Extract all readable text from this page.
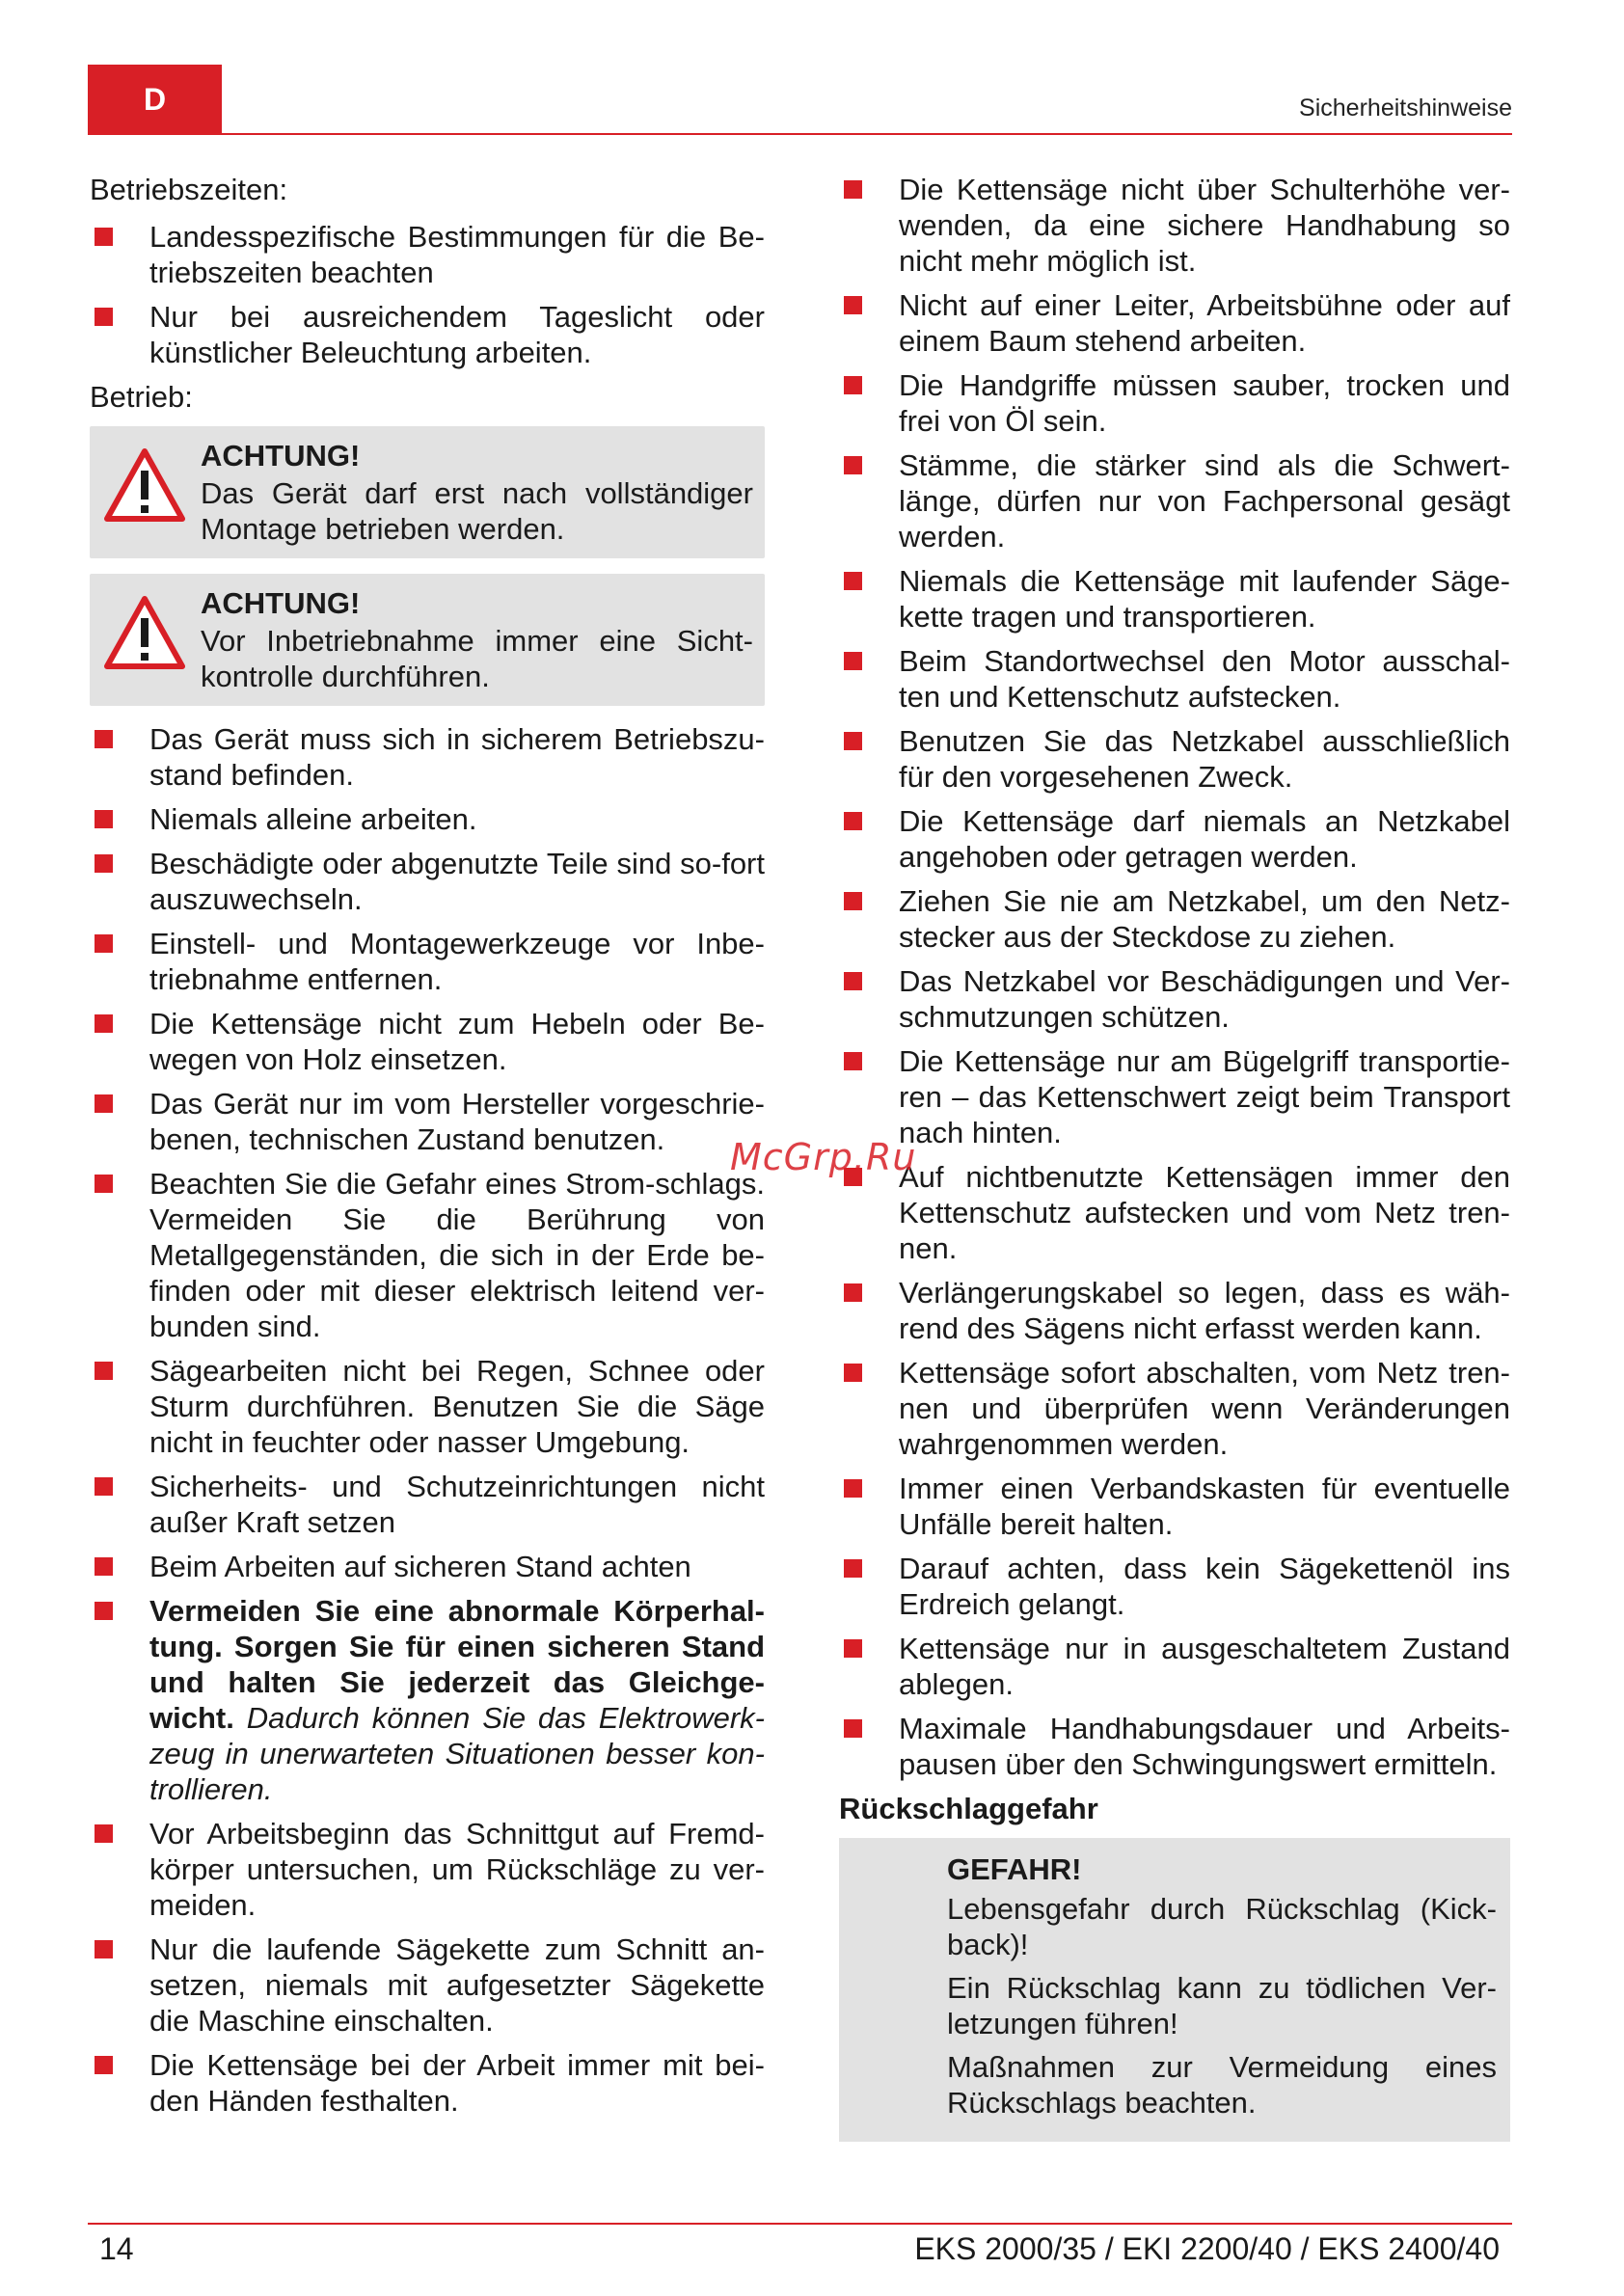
D	Sicherheitshinweise

Betriebszeiten:

Landesspezifische Bestimmungen für die Be-triebszeiten beachten
Nur bei ausreichendem Tageslicht oder künstlicher Beleuchtung arbeiten.

Betrieb:

ACHTUNG!
Das Gerät darf erst nach vollständiger Montage betrieben werden.
ACHTUNG!
Vor Inbetriebnahme immer eine Sicht-kontrolle durchführen.
Das Gerät muss sich in sicherem Betriebszu-stand befinden.
Niemals alleine arbeiten.
Beschädigte oder abgenutzte Teile sind so-fort auszuwechseln.
Einstell- und Montagewerkzeuge vor Inbe-triebnahme entfernen.
Die Kettensäge nicht zum Hebeln oder Be-wegen von Holz einsetzen.
Das Gerät nur im vom Hersteller vorgeschrie-benen, technischen Zustand benutzen.
Beachten Sie die Gefahr eines Strom-schlags. Vermeiden Sie die Berührung von Metallgegenständen, die sich in der Erde be-finden oder mit dieser elektrisch leitend ver-bunden sind.
Sägearbeiten nicht bei Regen, Schnee oder Sturm durchführen. Benutzen Sie die Säge nicht in feuchter oder nasser Umgebung.
Sicherheits- und Schutzeinrichtungen nicht außer Kraft setzen
Beim Arbeiten auf sicheren Stand achten
Vermeiden Sie eine abnormale Körperhal-tung. Sorgen Sie für einen sicheren Stand und halten Sie jederzeit das Gleichge-wicht. Dadurch können Sie das Elektrowerk-zeug in unerwarteten Situationen besser kon-trollieren.
Vor Arbeitsbeginn das Schnittgut auf Fremd-körper untersuchen, um Rückschläge zu ver-meiden.
Nur die laufende Sägekette zum Schnitt an-setzen, niemals mit aufgesetzter Sägekette die Maschine einschalten.
Die Kettensäge bei der Arbeit immer mit bei-den Händen festhalten.
Die Kettensäge nicht über Schulterhöhe ver-wenden, da eine sichere Handhabung so nicht mehr möglich ist.
Nicht auf einer Leiter, Arbeitsbühne oder auf einem Baum stehend arbeiten.
Die Handgriffe müssen sauber, trocken und frei von Öl sein.
Stämme, die stärker sind als die Schwert-länge, dürfen nur von Fachpersonal gesägt werden.
Niemals die Kettensäge mit laufender Säge-kette tragen und transportieren.
Beim Standortwechsel den Motor ausschal-ten und Kettenschutz aufstecken.
Benutzen Sie das Netzkabel ausschließlich für den vorgesehenen Zweck.
Die Kettensäge darf niemals an Netzkabel angehoben oder getragen werden.
Ziehen Sie nie am Netzkabel, um den Netz-stecker aus der Steckdose zu ziehen.
Das Netzkabel vor Beschädigungen und Ver-schmutzungen schützen.
Die Kettensäge nur am Bügelgriff transportie-ren – das Kettenschwert zeigt beim Transport nach hinten.
Auf nichtbenutzte Kettensägen immer den Kettenschutz aufstecken und vom Netz tren-nen.
Verlängerungskabel so legen, dass es wäh-rend des Sägens nicht erfasst werden kann.
Kettensäge sofort abschalten, vom Netz tren-nen und überprüfen wenn Veränderungen wahrgenommen werden.
Immer einen Verbandskasten für eventuelle Unfälle bereit halten.
Darauf achten, dass kein Sägekettenöl ins Erdreich gelangt.
Kettensäge nur in ausgeschaltetem Zustand ablegen.
Maximale Handhabungsdauer und Arbeits-pausen über den Schwingungswert ermitteln.
Rückschlaggefahr
GEFAHR!
Lebensgefahr durch Rückschlag (Kick-back)!
Ein Rückschlag kann zu tödlichen Ver-letzungen führen!
Maßnahmen zur Vermeidung eines Rückschlags beachten.
McGrp.Ru
14	EKS 2000/35 / EKI 2200/40 / EKS 2400/40
